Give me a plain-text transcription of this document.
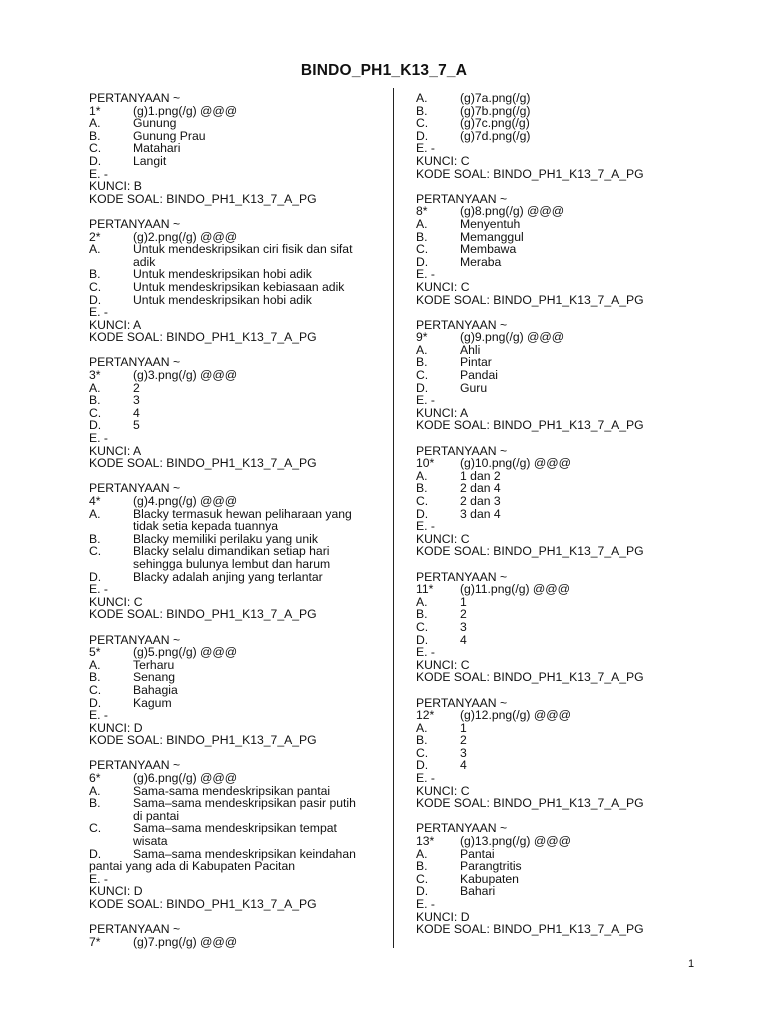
BINDO_PH1_K13_7_A
PERTANYAAN ~
1*	(g)1.png(/g) @@@
A.	Gunung
B.	Gunung Prau
C.	Matahari
D.	Langit
E. -
KUNCI: B
KODE SOAL: BINDO_PH1_K13_7_A_PG
PERTANYAAN ~
2*	(g)2.png(/g) @@@
A.	Untuk mendeskripsikan ciri fisik dan sifat
adik
B.	Untuk mendeskripsikan hobi adik
C.	Untuk mendeskripsikan kebiasaan adik
D.	Untuk mendeskripsikan hobi adik
E. -
KUNCI: A
KODE SOAL: BINDO_PH1_K13_7_A_PG
PERTANYAAN ~
3*	(g)3.png(/g) @@@
A.	2
B.	3
C.	4
D.	5
E. -
KUNCI: A
KODE SOAL: BINDO_PH1_K13_7_A_PG
PERTANYAAN ~
4*	(g)4.png(/g) @@@
A.	Blacky termasuk hewan peliharaan yang
tidak setia kepada tuannya
B.	Blacky memiliki perilaku yang unik
C.	Blacky selalu dimandikan setiap hari
sehingga bulunya lembut dan harum
D.	Blacky adalah anjing yang terlantar
E. -
KUNCI: C
KODE SOAL: BINDO_PH1_K13_7_A_PG
PERTANYAAN ~
5*	(g)5.png(/g) @@@
A.	Terharu
B.	Senang
C.	Bahagia
D.	Kagum
E. -
KUNCI: D
KODE SOAL: BINDO_PH1_K13_7_A_PG
PERTANYAAN ~
6*	(g)6.png(/g) @@@
A.	Sama-sama mendeskripsikan pantai
B.	Sama–sama mendeskripsikan pasir putih
di pantai
C.	Sama–sama mendeskripsikan tempat
wisata
D.	Sama–sama mendeskripsikan keindahan
pantai yang ada di Kabupaten Pacitan
E. -
KUNCI: D
KODE SOAL: BINDO_PH1_K13_7_A_PG
PERTANYAAN ~
7*	(g)7.png(/g) @@@
A.	(g)7a.png(/g)
B.	(g)7b.png(/g)
C.	(g)7c.png(/g)
D.	(g)7d.png(/g)
E. -
KUNCI: C
KODE SOAL: BINDO_PH1_K13_7_A_PG
PERTANYAAN ~
8*	(g)8.png(/g) @@@
A.	Menyentuh
B.	Memanggul
C.	Membawa
D.	Meraba
E. -
KUNCI: C
KODE SOAL: BINDO_PH1_K13_7_A_PG
PERTANYAAN ~
9*	(g)9.png(/g) @@@
A.	Ahli
B.	Pintar
C.	Pandai
D.	Guru
E. -
KUNCI: A
KODE SOAL: BINDO_PH1_K13_7_A_PG
PERTANYAAN ~
10*	(g)10.png(/g) @@@
A.	1 dan 2
B.	2 dan 4
C.	2 dan 3
D.	3 dan 4
E. -
KUNCI: C
KODE SOAL: BINDO_PH1_K13_7_A_PG
PERTANYAAN ~
11*	(g)11.png(/g) @@@
A.	1
B.	2
C.	3
D.	4
E. -
KUNCI: C
KODE SOAL: BINDO_PH1_K13_7_A_PG
PERTANYAAN ~
12*	(g)12.png(/g) @@@
A.	1
B.	2
C.	3
D.	4
E. -
KUNCI: C
KODE SOAL: BINDO_PH1_K13_7_A_PG
PERTANYAAN ~
13*	(g)13.png(/g) @@@
A.	Pantai
B.	Parangtritis
C.	Kabupaten
D.	Bahari
E. -
KUNCI: D
KODE SOAL: BINDO_PH1_K13_7_A_PG
1
